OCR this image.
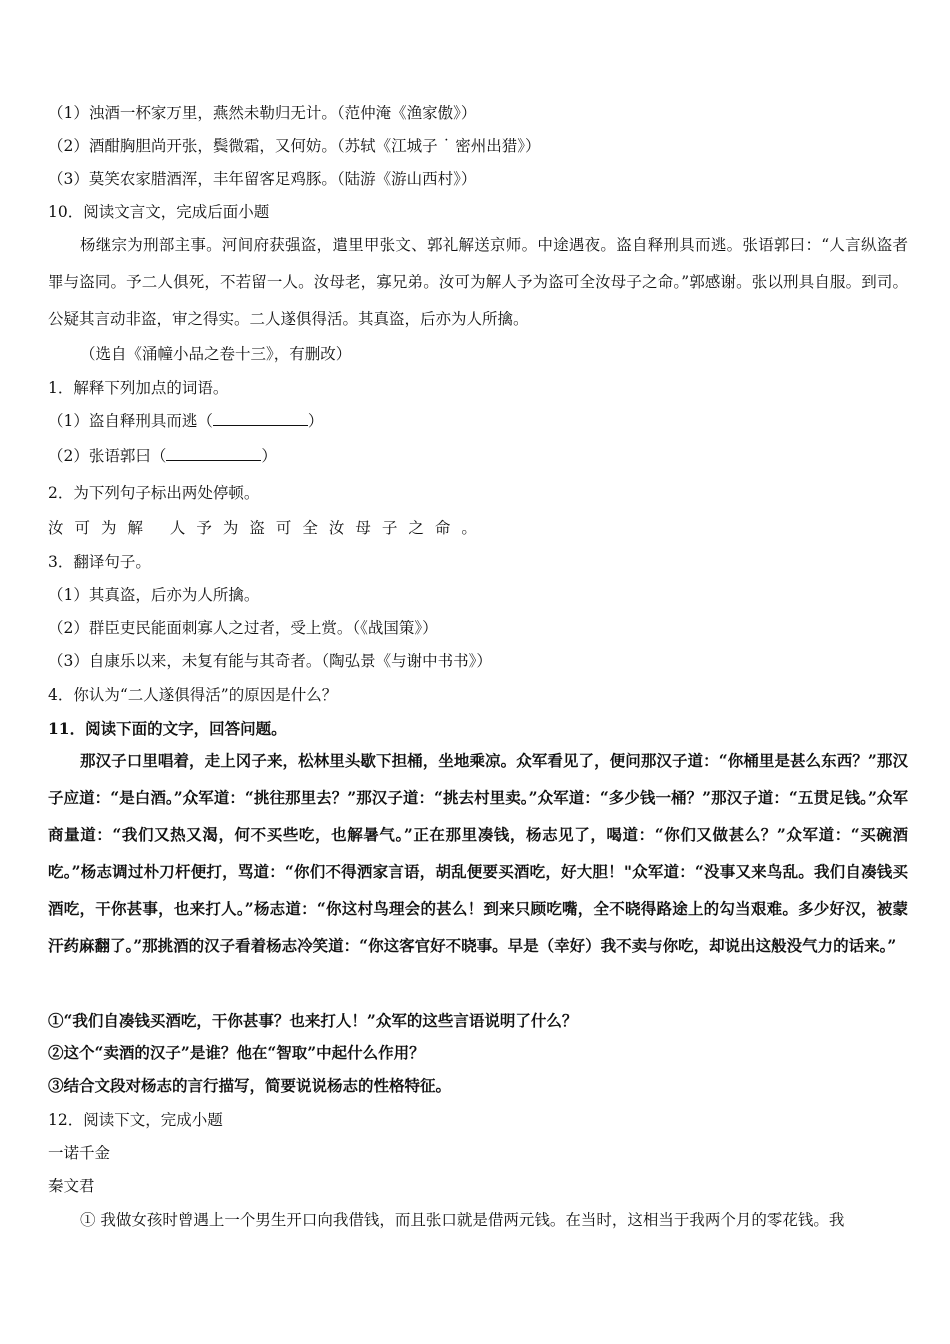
（1）浊酒一杯家万里，燕然未勒归无计。（范仲淹《渔家傲》）
（2）酒酣胸胆尚开张，鬓微霜，又何妨。（苏轼《江城子 ˙ 密州出猎》）
（3）莫笑农家腊酒浑，丰年留客足鸡豚。（陆游《游山西村》）
10．阅读文言文，完成后面小题

杨继宗为刑部主事。河间府获强盗，遣里甲张文、郭礼解送京师。中途遇夜。盗自释刑具而逃。张语郭曰：“人言纵盗者罪与盗同。予二人俱死，不若留一人。汝母老，寡兄弟。汝可为解人予为盗可全汝母子之命。”郭感谢。张以刑具自服。到司。公疑其言动非盗，审之得实。二人遂俱得活。其真盗，后亦为人所擒。

（选自《涌幢小品之卷十三》，有删改）
1．解释下列加点的词语。
（1）盗自释刑具而逃（	）
（2）张语郭曰（	）
2．为下列句子标出两处停顿。
汝可为解 人予为盗可全汝母子之命。
3．翻译句子。
（1）其真盗，后亦为人所擒。
（2）群臣吏民能面刺寡人之过者，受上赏。（《战国策》）
（3）自康乐以来，未复有能与其奇者。（陶弘景《与谢中书书》）
4．你认为“二人遂俱得活”的原因是什么？
11．阅读下面的文字，回答问题。

那汉子口里唱着，走上冈子来，松林里头歇下担桶，坐地乘凉。众军看见了，便问那汉子道：“你桶里是甚么东西？”那汉子应道：“是白酒。”众军道：“挑往那里去？”那汉子道：“挑去村里卖。”众军道：“多少钱一桶？”那汉子道：“五贯足钱。”众军商量道：“我们又热又渴，何不买些吃，也解暑气。”正在那里凑钱，杨志见了，喝道：“你们又做甚么？”众军道：“买碗酒吃。”杨志调过朴刀杆便打，骂道：“你们不得洒家言语，胡乱便要买酒吃，好大胆！"众军道：“没事又来鸟乱。我们自凑钱买酒吃，干你甚事，也来打人。”杨志道：“你这村鸟理会的甚么！到来只顾吃嘴，全不晓得路途上的勾当艰难。多少好汉，被蒙汗药麻翻了。”那挑酒的汉子看着杨志冷笑道：“你这客官好不晓事。早是（幸好）我不卖与你吃，却说出这般没气力的话来。”

①“我们自凑钱买酒吃，干你甚事？也来打人！”众军的这些言语说明了什么？
②这个“卖酒的汉子”是谁？他在“智取”中起什么作用？
③结合文段对杨志的言行描写，简要说说杨志的性格特征。
12．阅读下文，完成小题
一诺千金
秦文君
① 我做女孩时曾遇上一个男生开口向我借钱，而且张口就是借两元钱。在当时，这相当于我两个月的零花钱。我
